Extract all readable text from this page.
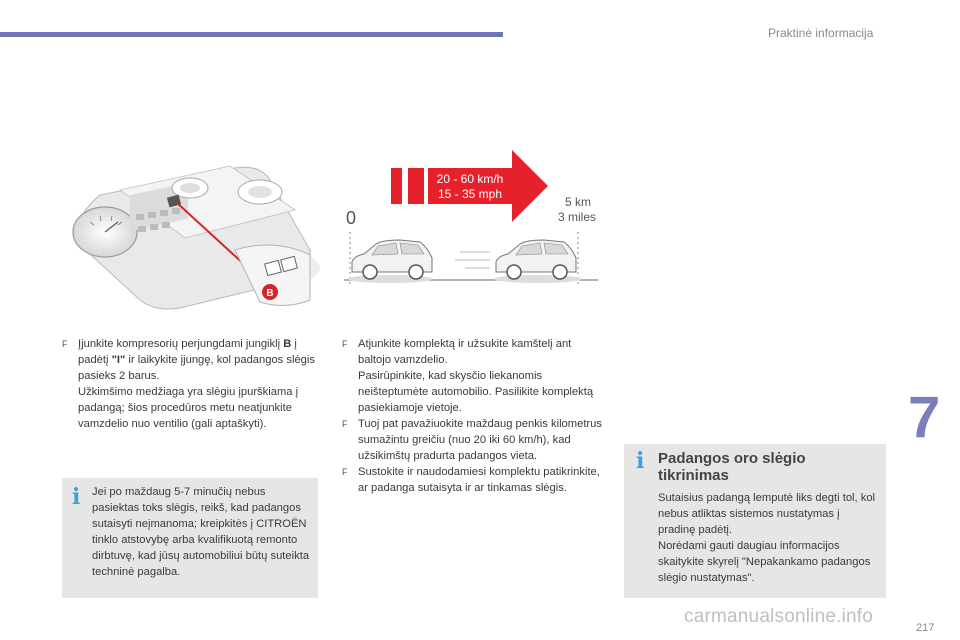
Praktinė informacija
7
217
carmanualsonline.info
B
20 - 60 km/h
15 - 35 mph
0
5 km
3 miles
F Įjunkite kompresorių perjungdami jungiklį B į padėtį "I" ir laikykite įjungę, kol padangos slėgis pasieks 2 barus.

Užkimšimo medžiaga yra slėgiu įpurškiama į padangą; šios procedūros metu neatjunkite vamzdelio nuo ventilio (gali aptaškyti).

i Jei po maždaug 5-7 minučių nebus pasiektas toks slėgis, reikš, kad padangos sutaisyti neįmanoma; kreipkitės į CITROËN tinklo atstovybę arba kvalifikuotą remonto dirbtuvę, kad jūsų automobiliui būtų suteikta techninė pagalba.
F Atjunkite komplektą ir užsukite kamštelį ant baltojo vamzdelio.

Pasirūpinkite, kad skysčio liekanomis neišteptumėte automobilio. Pasilikite komplektą pasiekiamoje vietoje.

F Tuoj pat pavažiuokite maždaug penkis kilometrus sumažintu greičiu (nuo 20 iki 60 km/h), kad užsikimštų pradurta padangos vieta.

F Sustokite ir naudodamiesi komplektu patikrinkite, ar padanga sutaisyta ir ar tinkamas slėgis.

i Padangos oro slėgio tikrinimas
Sutaisius padangą lemputė liks degti tol, kol nebus atliktas sistemos nustatymas į pradinę padėtį.
Norėdami gauti daugiau informacijos skaitykite skyrelį "Nepakankamo padangos slėgio nustatymas".
